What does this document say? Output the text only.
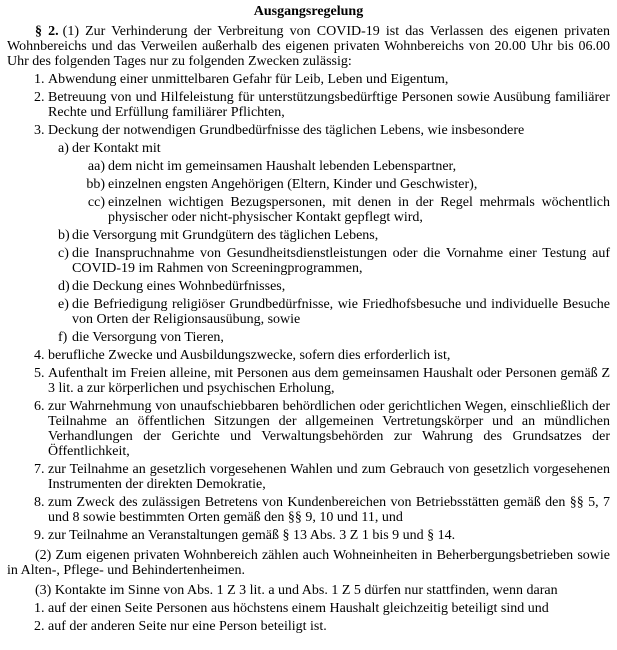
Ausgangsregelung

§ 2. (1) Zur Verhinderung der Verbreitung von COVID-19 ist das Verlassen des eigenen privaten Wohnbereichs und das Verweilen außerhalb des eigenen privaten Wohnbereichs von 20.00 Uhr bis 06.00 Uhr des folgenden Tages nur zu folgenden Zwecken zulässig:

1. Abwendung einer unmittelbaren Gefahr für Leib, Leben und Eigentum,
2. Betreuung von und Hilfeleistung für unterstützungsbedürftige Personen sowie Ausübung familiärer Rechte und Erfüllung familiärer Pflichten,
3. Deckung der notwendigen Grundbedürfnisse des täglichen Lebens, wie insbesondere
a) der Kontakt mit
aa) dem nicht im gemeinsamen Haushalt lebenden Lebenspartner,
bb) einzelnen engsten Angehörigen (Eltern, Kinder und Geschwister),
cc) einzelnen wichtigen Bezugspersonen, mit denen in der Regel mehrmals wöchentlich physischer oder nicht-physischer Kontakt gepflegt wird,
b) die Versorgung mit Grundgütern des täglichen Lebens,
c) die Inanspruchnahme von Gesundheitsdienstleistungen oder die Vornahme einer Testung auf COVID-19 im Rahmen von Screeningprogrammen,
d) die Deckung eines Wohnbedürfnisses,
e) die Befriedigung religiöser Grundbedürfnisse, wie Friedhofsbesuche und individuelle Besuche von Orten der Religionsausübung, sowie
f) die Versorgung von Tieren,
4. berufliche Zwecke und Ausbildungszwecke, sofern dies erforderlich ist,
5. Aufenthalt im Freien alleine, mit Personen aus dem gemeinsamen Haushalt oder Personen gemäß Z 3 lit. a zur körperlichen und psychischen Erholung,
6. zur Wahrnehmung von unaufschiebbaren behördlichen oder gerichtlichen Wegen, einschließlich der Teilnahme an öffentlichen Sitzungen der allgemeinen Vertretungskörper und an mündlichen Verhandlungen der Gerichte und Verwaltungsbehörden zur Wahrung des Grundsatzes der Öffentlichkeit,
7. zur Teilnahme an gesetzlich vorgesehenen Wahlen und zum Gebrauch von gesetzlich vorgesehenen Instrumenten der direkten Demokratie,
8. zum Zweck des zulässigen Betretens von Kundenbereichen von Betriebsstätten gemäß den §§ 5, 7 und 8 sowie bestimmten Orten gemäß den §§ 9, 10 und 11, und
9. zur Teilnahme an Veranstaltungen gemäß § 13 Abs. 3 Z 1 bis 9 und § 14.

(2) Zum eigenen privaten Wohnbereich zählen auch Wohneinheiten in Beherbergungsbetrieben sowie in Alten-, Pflege- und Behindertenheimen.

(3) Kontakte im Sinne von Abs. 1 Z 3 lit. a und Abs. 1 Z 5 dürfen nur stattfinden, wenn daran

1. auf der einen Seite Personen aus höchstens einem Haushalt gleichzeitig beteiligt sind und
2. auf der anderen Seite nur eine Person beteiligt ist.
